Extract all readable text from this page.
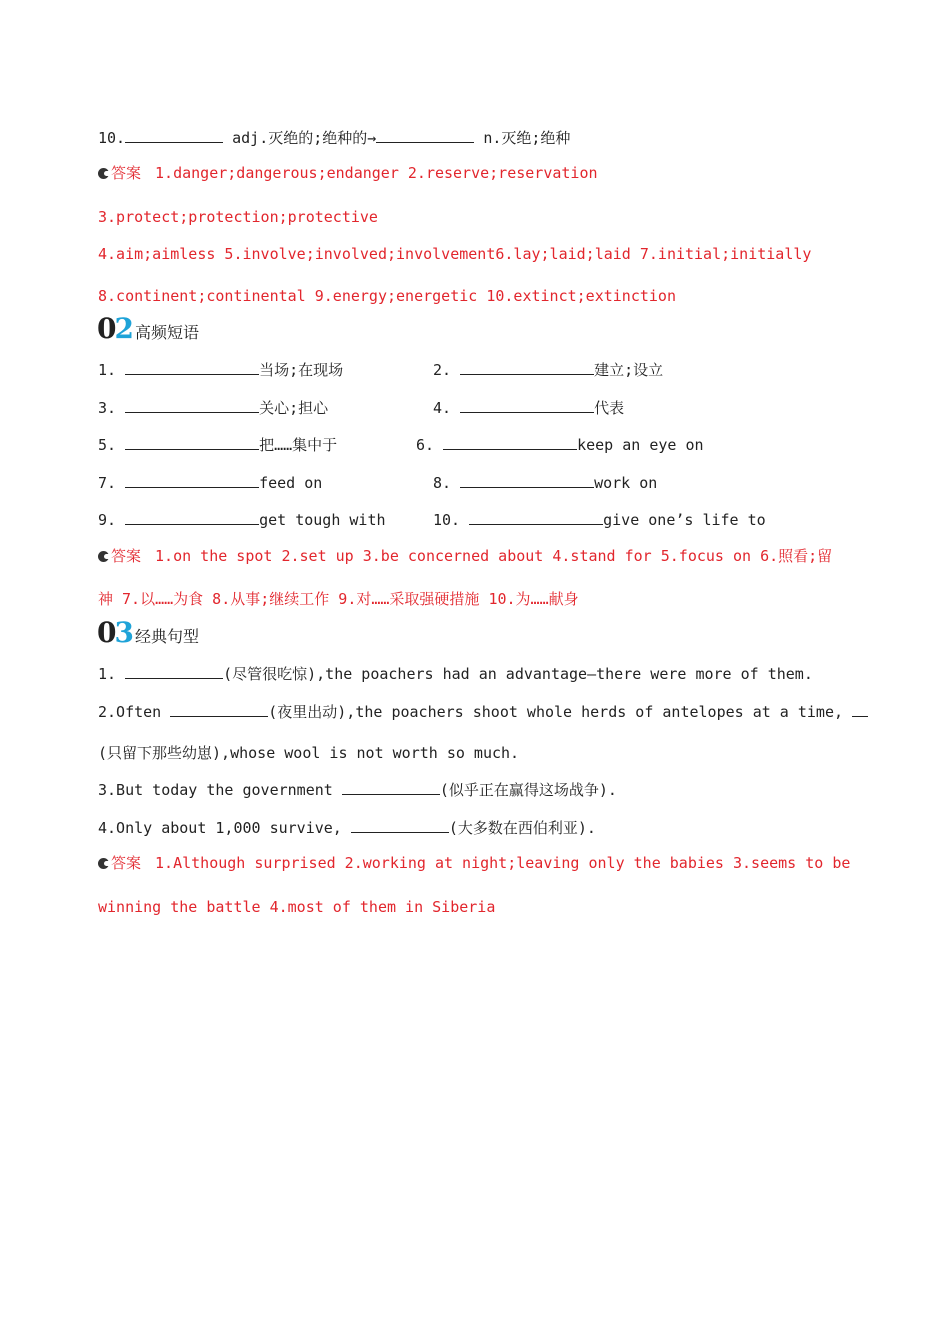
10.	adj.灭绝的;绝种的→	n.灭绝;绝种
答案 1.danger;dangerous;endanger 2.reserve;reservation
3.protect;protection;protective
4.aim;aimless 5.involve;involved;involvement6.lay;laid;laid 7.initial;initially
8.continent;continental 9.energy;energetic 10.extinct;extinction
02高频短语
1.	当场;在现场	2.	建立;设立
3.	关心;担心	4.	代表
5.	把……集中于	6.	keep an eye on
7.	feed on	8.	work on
9.	get tough with	10.	give one’s life to
答案 1.on the spot 2.set up 3.be concerned about 4.stand for 5.focus on 6.照看;留
神 7.以……为食 8.从事;继续工作 9.对……采取强硬措施 10.为……献身
03经典句型
1.	(尽管很吃惊),the poachers had an advantage—there were more of them.
2.Often	(夜里出动),the poachers shoot whole herds of antelopes at a time,
(只留下那些幼崽),whose wool is not worth so much.
3.But today the government	(似乎正在赢得这场战争).
4.Only about 1,000 survive,	(大多数在西伯利亚).
答案 1.Although surprised 2.working at night;leaving only the babies 3.seems to be
winning the battle 4.most of them in Siberia
